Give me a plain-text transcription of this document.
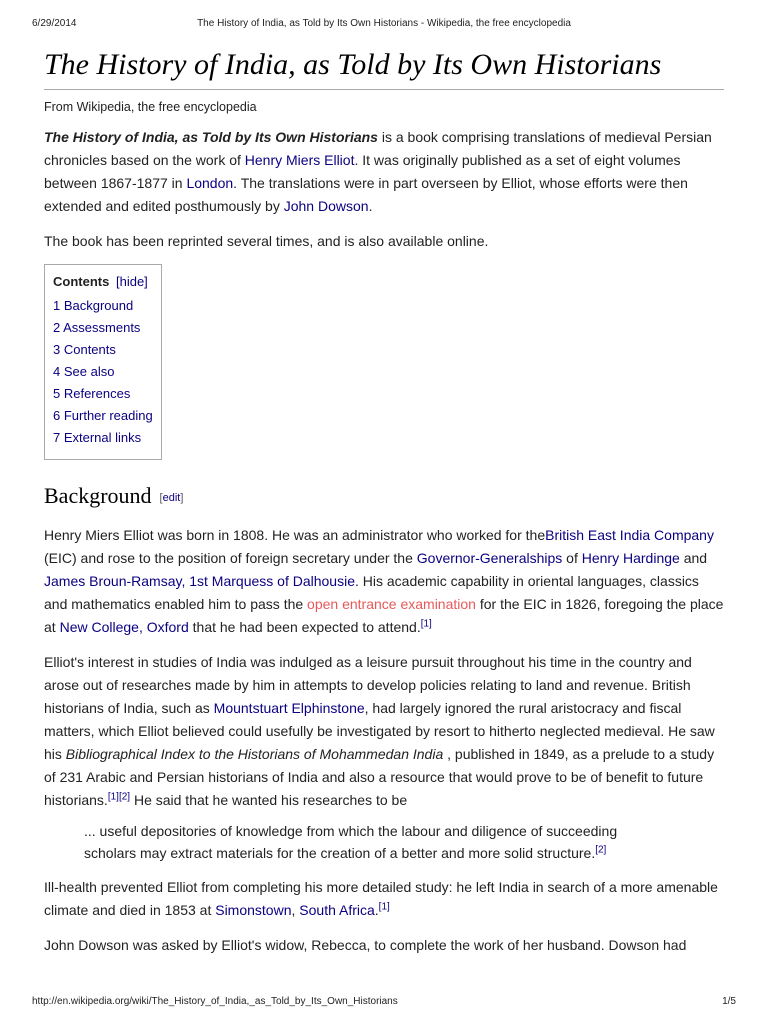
6/29/2014	The History of India, as Told by Its Own Historians - Wikipedia, the free encyclopedia
The History of India, as Told by Its Own Historians
From Wikipedia, the free encyclopedia

The History of India, as Told by Its Own Historians is a book comprising translations of medieval Persian chronicles based on the work of Henry Miers Elliot. It was originally published as a set of eight volumes between 1867-1877 in London. The translations were in part overseen by Elliot, whose efforts were then extended and edited posthumously by John Dowson.

The book has been reprinted several times, and is also available online.

Contents [hide]
1 Background
2 Assessments
3 Contents
4 See also
5 References
6 Further reading
7 External links
Background [edit]

Henry Miers Elliot was born in 1808. He was an administrator who worked for theBritish East India Company (EIC) and rose to the position of foreign secretary under the Governor-Generalships of Henry Hardinge and James Broun-Ramsay, 1st Marquess of Dalhousie. His academic capability in oriental languages, classics and mathematics enabled him to pass the open entrance examination for the EIC in 1826, foregoing the place at New College, Oxford that he had been expected to attend.[1]

Elliot's interest in studies of India was indulged as a leisure pursuit throughout his time in the country and arose out of researches made by him in attempts to develop policies relating to land and revenue. British historians of India, such as Mountstuart Elphinstone, had largely ignored the rural aristocracy and fiscal matters, which Elliot believed could usefully be investigated by resort to hitherto neglected medieval. He saw his Bibliographical Index to the Historians of Mohammedan India , published in 1849, as a prelude to a study of 231 Arabic and Persian historians of India and also a resource that would prove to be of benefit to future historians.[1][2] He said that he wanted his researches to be

... useful depositories of knowledge from which the labour and diligence of succeeding scholars may extract materials for the creation of a better and more solid structure.[2]

Ill-health prevented Elliot from completing his more detailed study: he left India in search of a more amenable climate and died in 1853 at Simonstown, South Africa.[1]

John Dowson was asked by Elliot's widow, Rebecca, to complete the work of her husband. Dowson had

http://en.wikipedia.org/wiki/The_History_of_India,_as_Told_by_Its_Own_Historians	1/5
